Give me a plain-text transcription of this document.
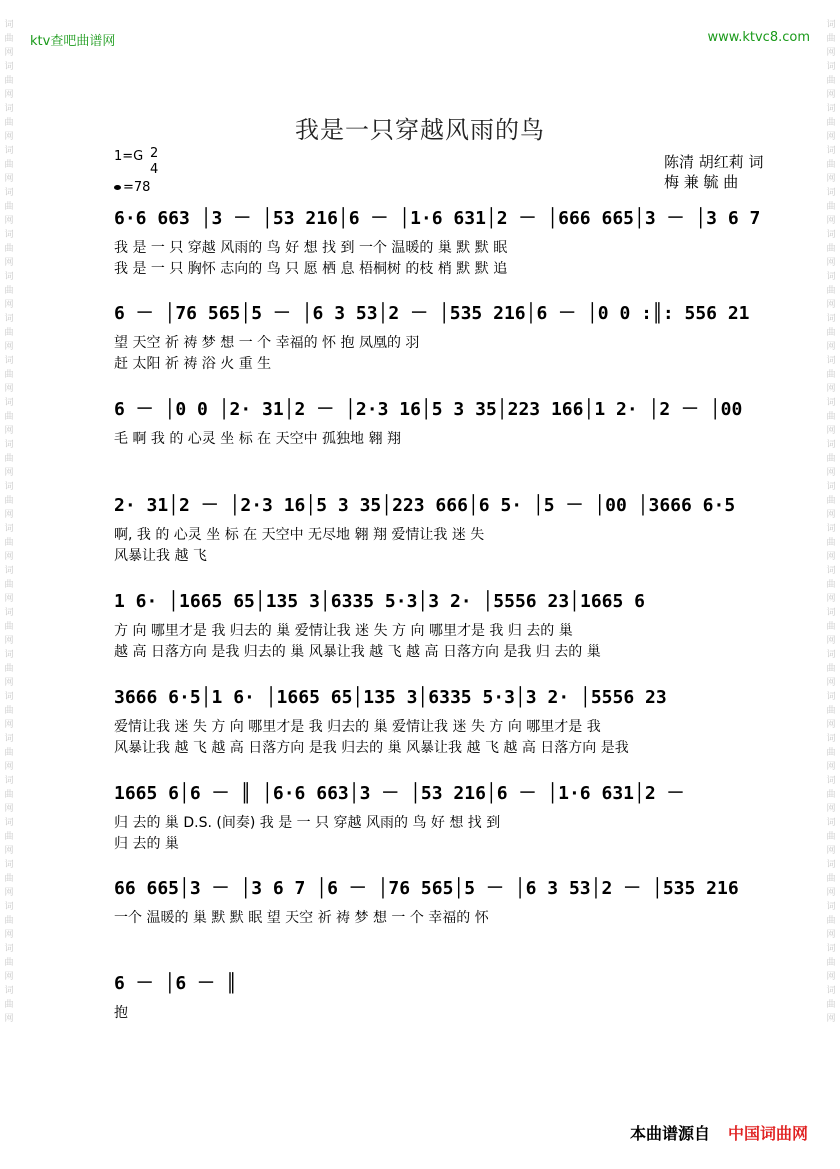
词曲网词曲网词曲网词曲网词曲网词曲网词曲网词曲网词曲网词曲网词曲网词曲网词曲网词曲网词曲网词曲网词曲网词曲网词曲网词曲网词曲网词曲网词曲网词曲网
词曲网词曲网词曲网词曲网词曲网词曲网词曲网词曲网词曲网词曲网词曲网词曲网词曲网词曲网词曲网词曲网词曲网词曲网词曲网词曲网词曲网词曲网词曲网词曲网
ktv查吧曲谱网	www.ktvc8.com
我是一只穿越风雨的鸟
1=G 2
4
=78
陈清 胡红莉 词
梅 兼 毓 曲
6·6 663 │3 － │53 216│6 － │1·6 631│2 － │666 665│3 － │3 6 7
我 是 一 只 穿越 风雨的 鸟 好 想 找 到 一个 温暖的 巢 默 默 眠
我 是 一 只 胸怀 志向的 鸟 只 愿 栖 息 梧桐树 的枝 梢 默 默 追
6 － │76 565│5 － │6 3 53│2 － │535 216│6 － │0 0 :║: 556 21
望 天空 祈 祷 梦 想 一 个 幸福的 怀 抱 凤凰的 羽
赶 太阳 祈 祷 浴 火 重 生
6 － │0 0 │2· 31│2 － │2·3 16│5 3 35│223 166│1 2· │2 － │00
毛 啊 我 的 心灵 坐 标 在 天空中 孤独地 翱 翔
2· 31│2 － │2·3 16│5 3 35│223 666│6 5· │5 － │00 │3666 6·5
啊, 我 的 心灵 坐 标 在 天空中 无尽地 翱 翔 爱情让我 迷 失
风暴让我 越 飞
1 6· │1665 65│135 3│6335 5·3│3 2· │5556 23│1665 6
方 向 哪里才是 我 归去的 巢 爱情让我 迷 失 方 向 哪里才是 我 归 去的 巢
越 高 日落方向 是我 归去的 巢 风暴让我 越 飞 越 高 日落方向 是我 归 去的 巢
3666 6·5│1 6· │1665 65│135 3│6335 5·3│3 2· │5556 23
爱情让我 迷 失 方 向 哪里才是 我 归去的 巢 爱情让我 迷 失 方 向 哪里才是 我
风暴让我 越 飞 越 高 日落方向 是我 归去的 巢 风暴让我 越 飞 越 高 日落方向 是我
1665 6│6 － ║ │6·6 663│3 － │53 216│6 － │1·6 631│2 －
归 去的 巢 D.S. (间奏) 我 是 一 只 穿越 风雨的 鸟 好 想 找 到
归 去的 巢
66 665│3 － │3 6 7 │6 － │76 565│5 － │6 3 53│2 － │535 216
一个 温暖的 巢 默 默 眠 望 天空 祈 祷 梦 想 一 个 幸福的 怀
6 － │6 － ║
抱
本曲谱源自 中国词曲网
